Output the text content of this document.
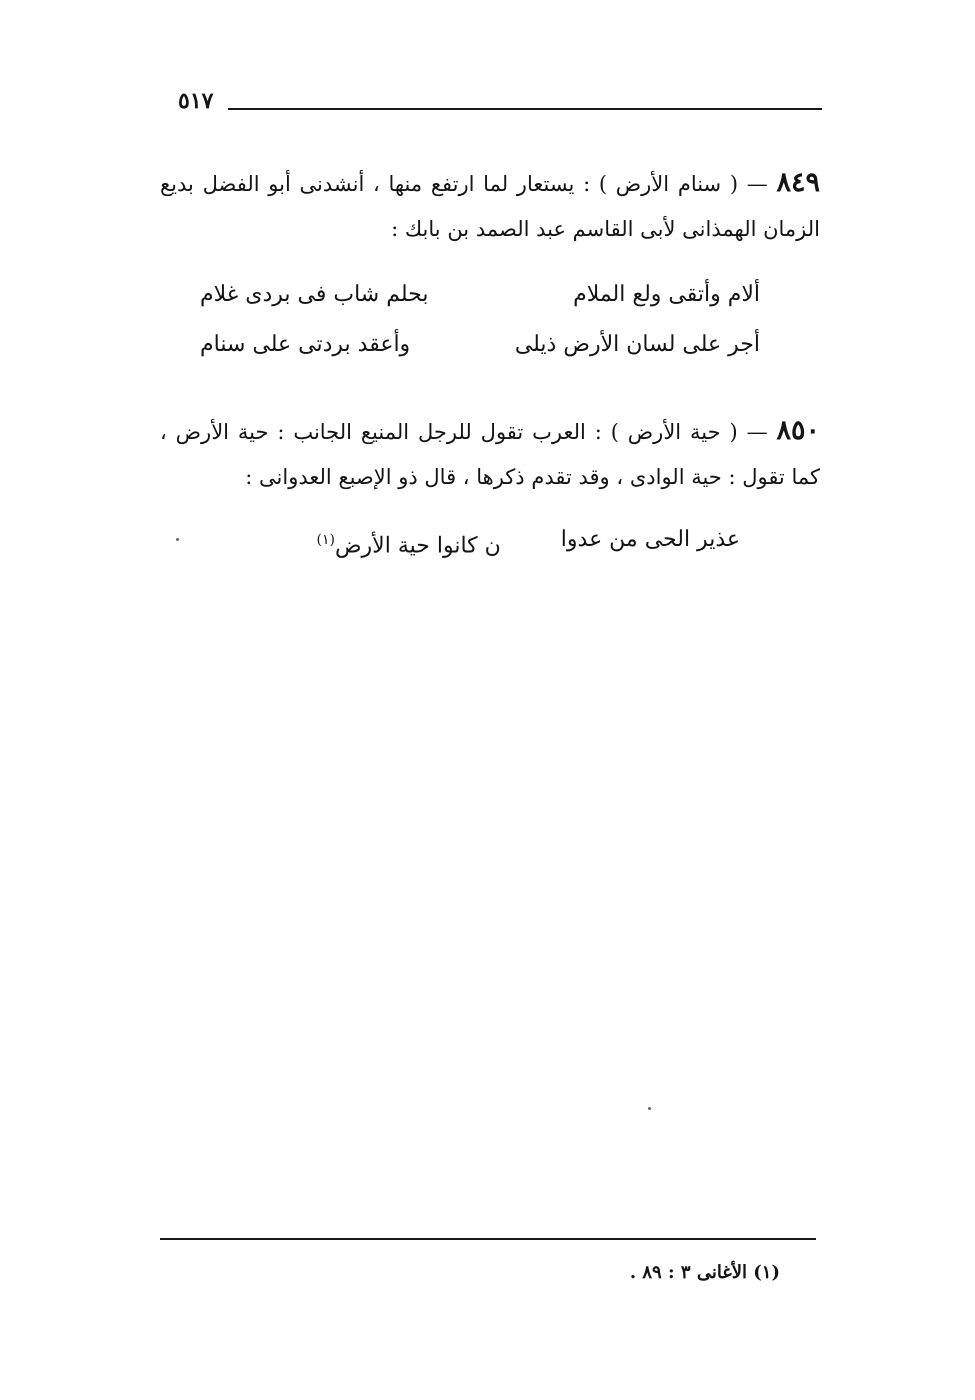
٥١٧
٨٤٩ — ( سنام الأرض ) : يستعار لما ارتفع منها ، أنشدنى أبو الفضل بديع الزمان الهمذانى لأبى القاسم عبد الصمد بن بابك :
ألام وأتقى ولع الملام
بحلم شاب فى بردى غلام
أجر على لسان الأرض ذيلى
وأعقد بردتى على سنام
٨٥٠ — ( حية الأرض ) : العرب تقول للرجل المنيع الجانب : حية الأرض ، كما تقول : حية الوادى ، وقد تقدم ذكرها ، قال ذو الإصبع العدوانى :
عذير الحى من عدوا
ن كانوا حية الأرض$^{(١)}$
(١) الأغانى ٣ : ٨٩ .
